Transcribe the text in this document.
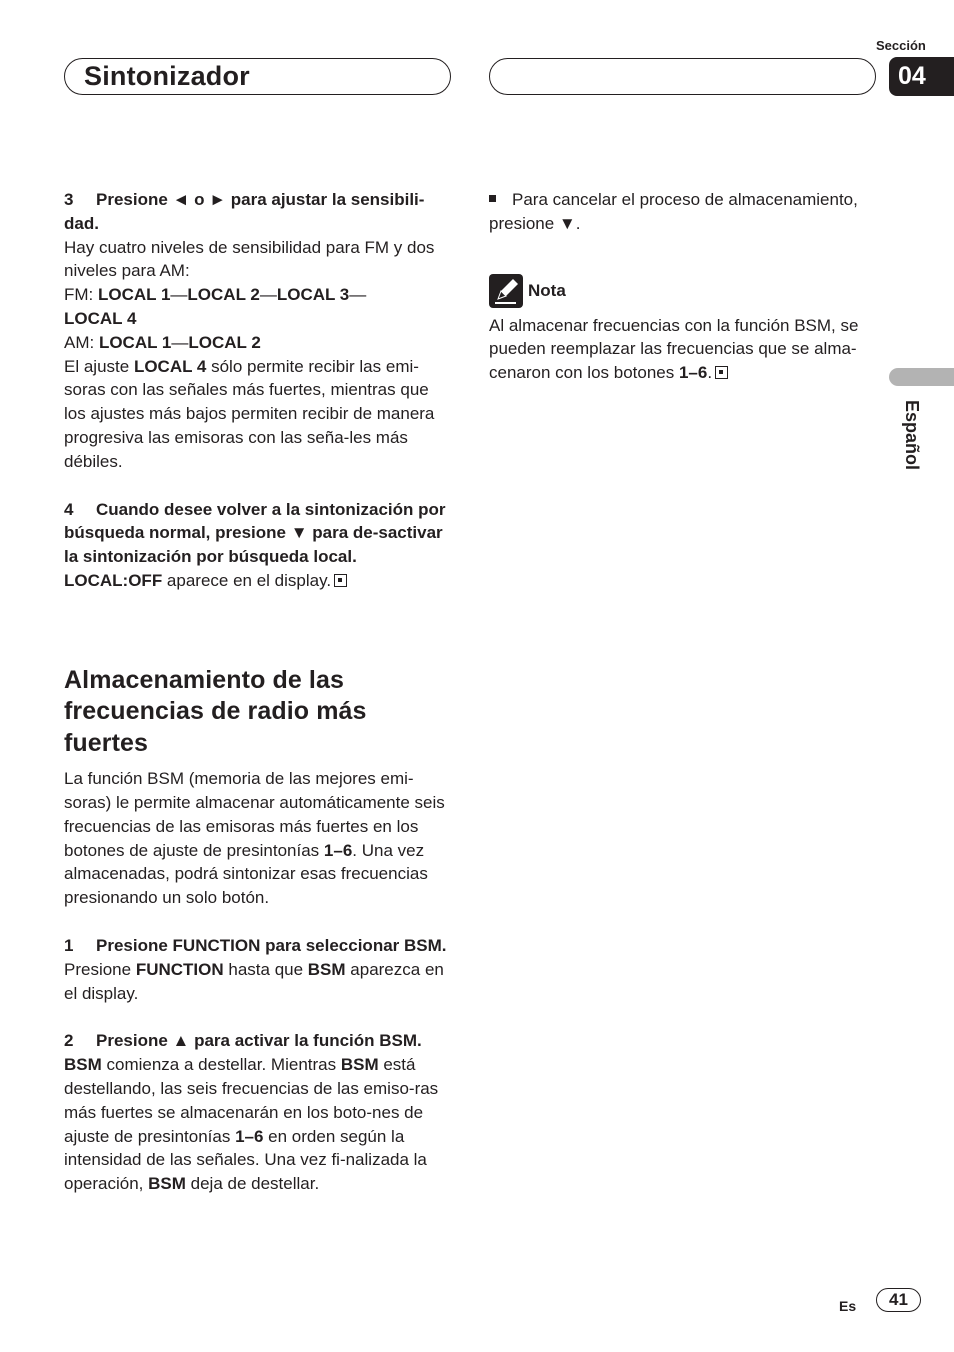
Sintonizador
Sección
04
Español

3 Presione ◄ o ► para ajustar la sensibili-dad.

Hay cuatro niveles de sensibilidad para FM y dos niveles para AM:

FM: LOCAL 1—LOCAL 2—LOCAL 3—
LOCAL 4

AM: LOCAL 1—LOCAL 2

El ajuste LOCAL 4 sólo permite recibir las emi-soras con las señales más fuertes, mientras que los ajustes más bajos permiten recibir de manera progresiva las emisoras con las seña-les más débiles.

4 Cuando desee volver a la sintonización por búsqueda normal, presione ▼ para de-sactivar la sintonización por búsqueda local.

LOCAL:OFF aparece en el display.

Almacenamiento de las frecuencias de radio más fuertes

La función BSM (memoria de las mejores emi-soras) le permite almacenar automáticamente seis frecuencias de las emisoras más fuertes en los botones de ajuste de presintonías 1–6. Una vez almacenadas, podrá sintonizar esas frecuencias presionando un solo botón.

1 Presione FUNCTION para seleccionar BSM.

Presione FUNCTION hasta que BSM aparezca en el display.

2 Presione ▲ para activar la función BSM.

BSM comienza a destellar. Mientras BSM está destellando, las seis frecuencias de las emiso-ras más fuertes se almacenarán en los boto-nes de ajuste de presintonías 1–6 en orden según la intensidad de las señales. Una vez fi-nalizada la operación, BSM deja de destellar.

Para cancelar el proceso de almacenamiento, presione ▼.

Nota

Al almacenar frecuencias con la función BSM, se pueden reemplazar las frecuencias que se alma-cenaron con los botones 1–6.

Es	41
